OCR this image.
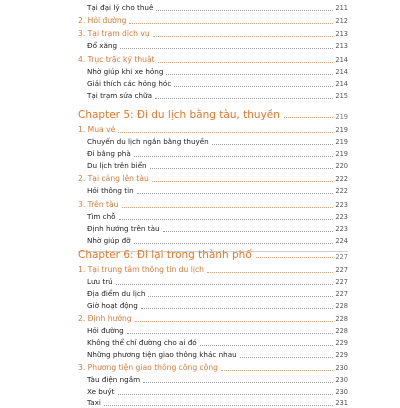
Tại đại lý cho thuê	211
2. Hỏi đường	212
3. Tại trạm dịch vụ	213
Đổ xăng	213
4. Trục trặc kỹ thuật	214
Nhờ giúp khi xe hỏng	214
Giải thích các hỏng hóc	214
Tại trạm sửa chữa	215
Chapter 5: Đi du lịch bằng tàu, thuyền	219
1. Mua vé	219
Chuyến du lịch ngắn bằng thuyền	219
Đi bằng phà	219
Du lịch trên biển	220
2. Tại cảng lên tàu	222
Hỏi thông tin	222
3. Trên tàu	223
Tìm chỗ	223
Định hướng trên tàu	223
Nhờ giúp đỡ	224
Chapter 6: Đi lại trong thành phố	227
1. Tại trung tâm thông tin du lịch	227
Lưu trú	227
Địa điểm du lịch	227
Giờ hoạt động	228
2. Định hướng	228
Hỏi đường	228
Không thể chỉ đường cho ai đó	229
Những phương tiện giao thông khác nhau	229
3. Phương tiện giao thông công cộng	230
Tàu điện ngầm	230
Xe buýt	230
Taxi	231
